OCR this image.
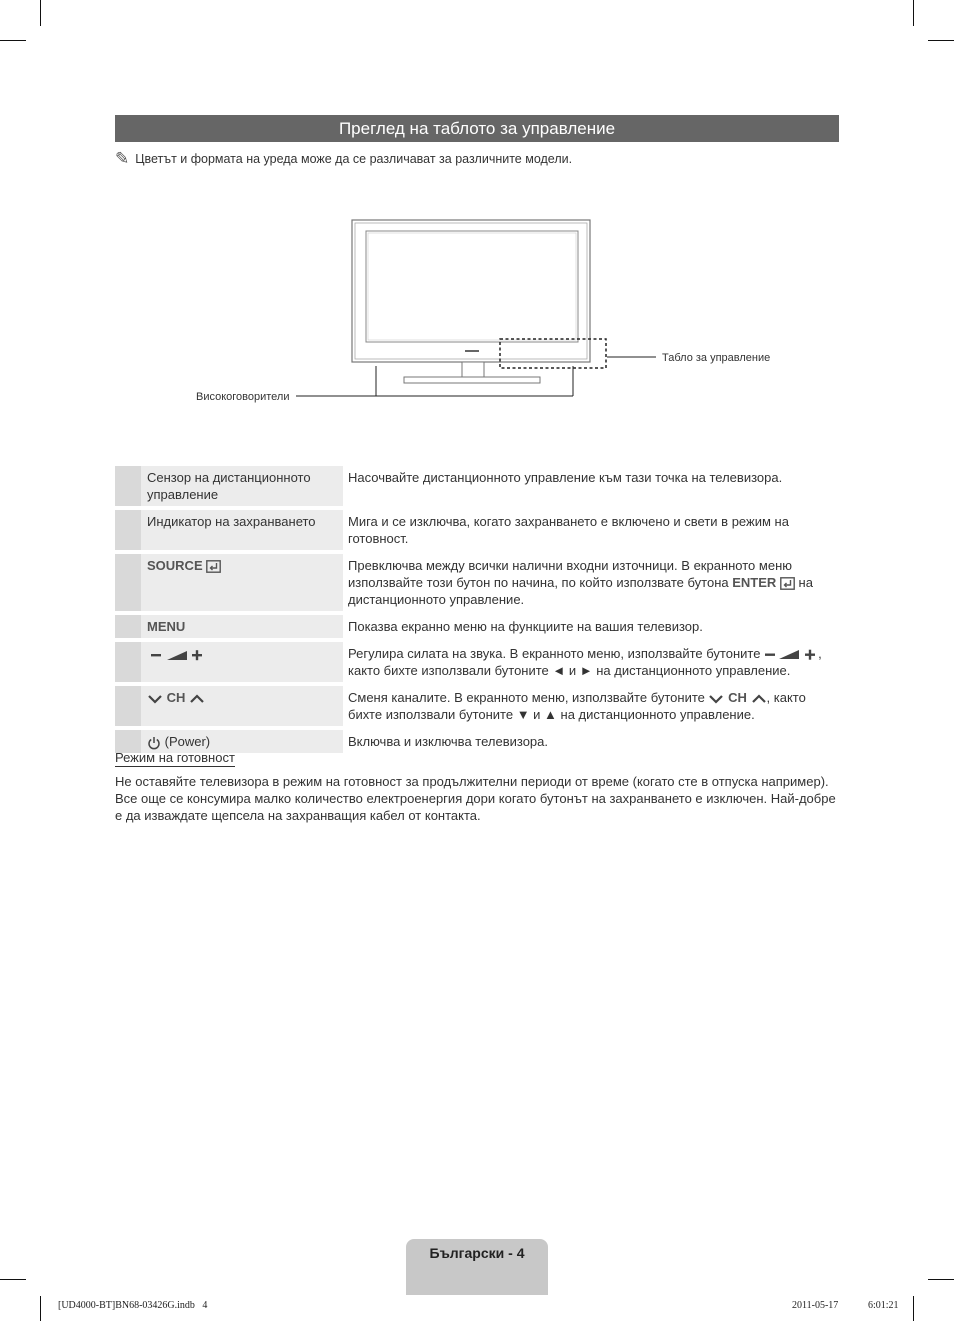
Преглед на таблото за управление
✎ Цветът и формата на уреда може да се различават за различните модели.
Табло за управление
Високоговорители
	Сензор на дистанционното управление	Насочвайте дистанционното управление към тази точка на телевизора.
	Индикатор на захранването	Мига и се изключва, когато захранването е включено и свети в режим на готовност.
	SOURCE	Превключва между всички налични входни източници. В екранното меню използвайте този бутон по начина, по който използвате бутона ENTER  на дистанционното управление.
	MENU	Показва екранно меню на функциите на вашия телевизор.
		Регулира силата на звука. В екранното меню, използвайте бутоните , както бихте използвали бутоните ◄ и ► на дистанционното управление.
	CH	Сменя каналите. В екранното меню, използвайте бутоните  CH , както бихте използвали бутоните ▼ и ▲ на дистанционното управление.
	(Power)	Включва и изключва телевизора.
Режим на готовност

Не оставяйте телевизора в режим на готовност за продължителни периоди от време (когато сте в отпуска например). Все още се консумира малко количество електроенергия дори когато бутонът на захранването е изключен. Най-добре е да изваждате щепсела на захранващия кабел от контакта.

Български - 4
[UD4000-BT]BN68-03426G.indb   4	2011-05-17	6:01:21
